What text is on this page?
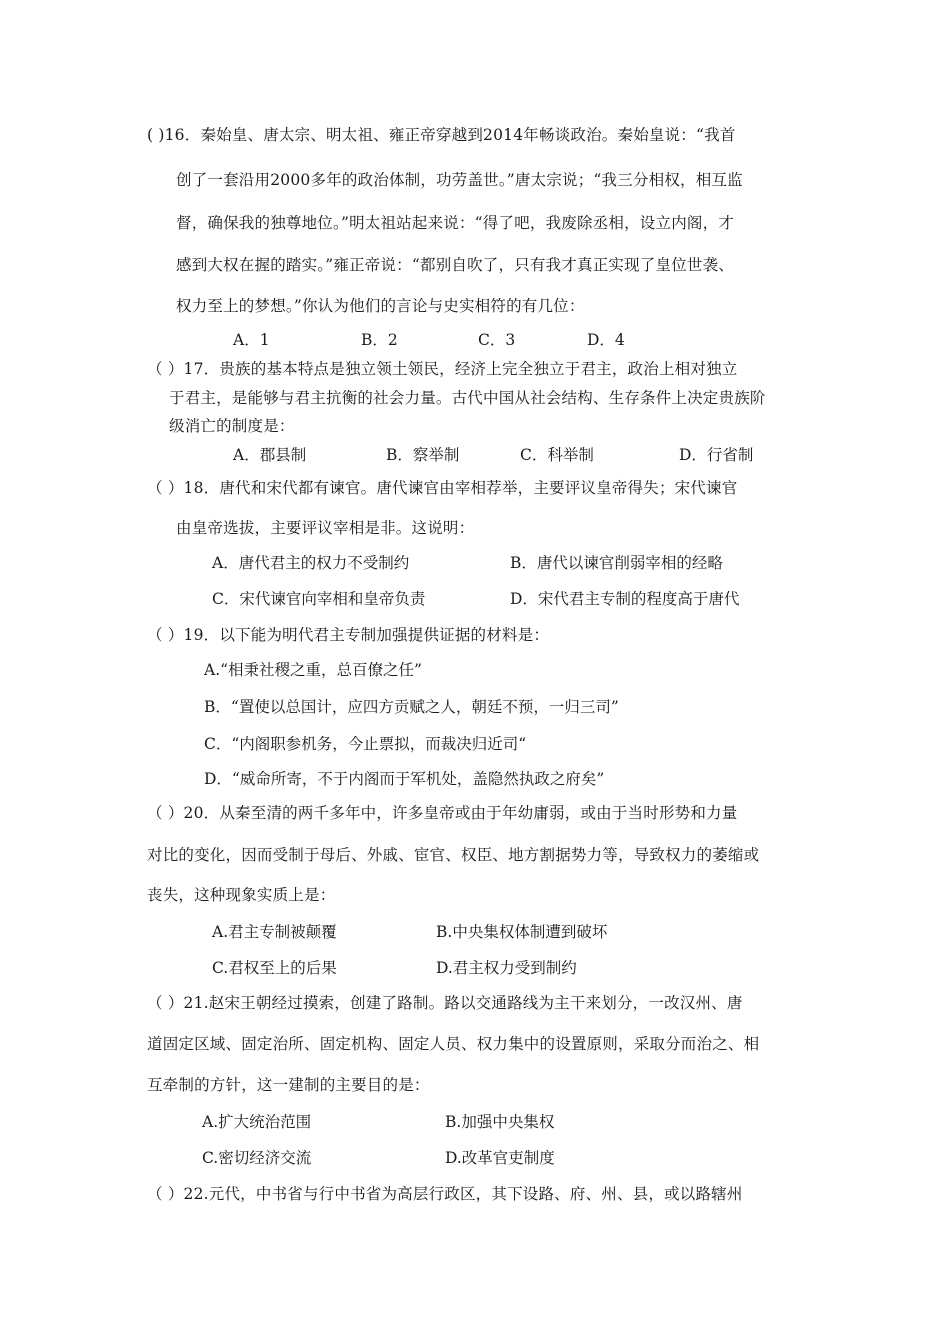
( )16．秦始皇、唐太宗、明太祖、雍正帝穿越到2014年畅谈政治。秦始皇说：“我首
创了一套沿用2000多年的政治体制，功劳盖世。”唐太宗说；“我三分相权，相互监
督，确保我的独尊地位。”明太祖站起来说：“得了吧，我废除丞相，设立内阁，才
感到大权在握的踏实。”雍正帝说：“都别自吹了，只有我才真正实现了皇位世袭、
权力至上的梦想。”你认为他们的言论与史实相符的有几位：
A．1	B．2	C．3	D．4
（ ）17．贵族的基本特点是独立领土领民，经济上完全独立于君主，政治上相对独立
于君主，是能够与君主抗衡的社会力量。古代中国从社会结构、生存条件上决定贵族阶
级消亡的制度是：
A．郡县制	B．察举制	C．科举制	D．行省制
（ ）18．唐代和宋代都有谏官。唐代谏官由宰相荐举，主要评议皇帝得失；宋代谏官
由皇帝选拔，主要评议宰相是非。这说明：
A．唐代君主的权力不受制约	B．唐代以谏官削弱宰相的经略
C．宋代谏官向宰相和皇帝负责	D．宋代君主专制的程度高于唐代
（ ）19．以下能为明代君主专制加强提供证据的材料是：
A.“相秉社稷之重，总百僚之任”
B．“置使以总国计，应四方贡赋之人，朝廷不预，一归三司”
C．“内阁职参机务，今止票拟，而裁决归近司“
D．“威命所寄，不于内阁而于军机处，盖隐然执政之府矣”
（ ）20．从秦至清的两千多年中，许多皇帝或由于年幼庸弱，或由于当时形势和力量
对比的变化，因而受制于母后、外戚、宦官、权臣、地方割据势力等，导致权力的萎缩或
丧失，这种现象实质上是：
A.君主专制被颠覆	B.中央集权体制遭到破坏
C.君权至上的后果	D.君主权力受到制约
（ ）21.赵宋王朝经过摸索，创建了路制。路以交通路线为主干来划分，一改汉州、唐
道固定区域、固定治所、固定机构、固定人员、权力集中的设置原则，采取分而治之、相
互牵制的方针，这一建制的主要目的是：
A.扩大统治范围	B.加强中央集权
C.密切经济交流	D.改革官吏制度
（ ）22.元代，中书省与行中书省为高层行政区，其下设路、府、州、县，或以路辖州
